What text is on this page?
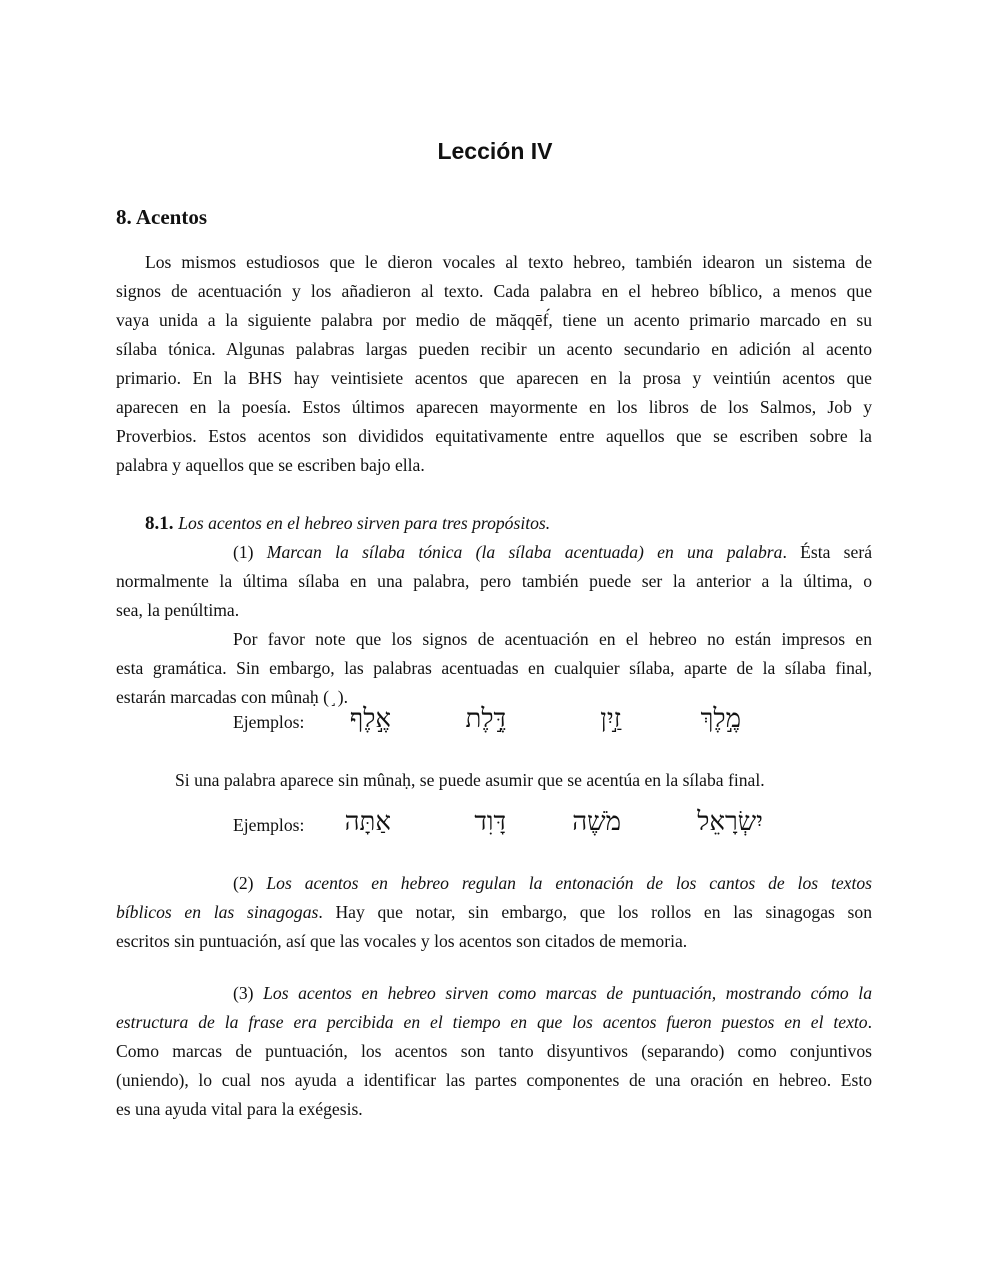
Lección IV
8. Acentos
Los mismos estudiosos que le dieron vocales al texto hebreo, también idearon un sistema de
signos de acentuación y los añadieron al texto. Cada palabra en el hebreo bíblico, a menos que
vaya unida a la siguiente palabra por medio de măqqēf́, tiene un acento primario marcado en su
sílaba tónica. Algunas palabras largas pueden recibir un acento secundario en adición al acento
primario. En la BHS hay veintisiete acentos que aparecen en la prosa y veintiún acentos que
aparecen en la poesía. Estos últimos aparecen mayormente en los libros de los Salmos, Job y
Proverbios. Estos acentos son divididos equitativamente entre aquellos que se escriben sobre la
palabra y aquellos que se escriben bajo ella.
8.1. Los acentos en el hebreo sirven para tres propósitos.
(1) Marcan la sílaba tónica (la sílaba acentuada) en una palabra. Ésta será
normalmente la última sílaba en una palabra, pero también puede ser la anterior a la última, o
sea, la penúltima.
Por favor note que los signos de acentuación en el hebreo no están impresos en
esta gramática. Sin embargo, las palabras acentuadas en cualquier sílaba, aparte de la sílaba final,
estarán marcadas con mûnaḥ ( ֣ ).
Si una palabra aparece sin mûnaḥ, se puede asumir que se acentúa en la sílaba final.
(2) Los acentos en hebreo regulan la entonación de los cantos de los textos
bíblicos en las sinagogas. Hay que notar, sin embargo, que los rollos en las sinagogas son
escritos sin puntuación, así que las vocales y los acentos son citados de memoria.
(3) Los acentos en hebreo sirven como marcas de puntuación, mostrando cómo la
estructura de la frase era percibida en el tiempo en que los acentos fueron puestos en el texto.
Como marcas de puntuación, los acentos son tanto disyuntivos (separando) como conjuntivos
(uniendo), lo cual nos ayuda a identificar las partes componentes de una oración en hebreo. Esto
es una ayuda vital para la exégesis.
Ejemplos:	אֶ֣לֶף	דֶּ֣לֶת	זַ֣יִן	מֶ֣לֶךְ
Ejemplos:	אַתָּה	דָּוִד	מֹשֶׁה	יִשְׂרָאֵל
